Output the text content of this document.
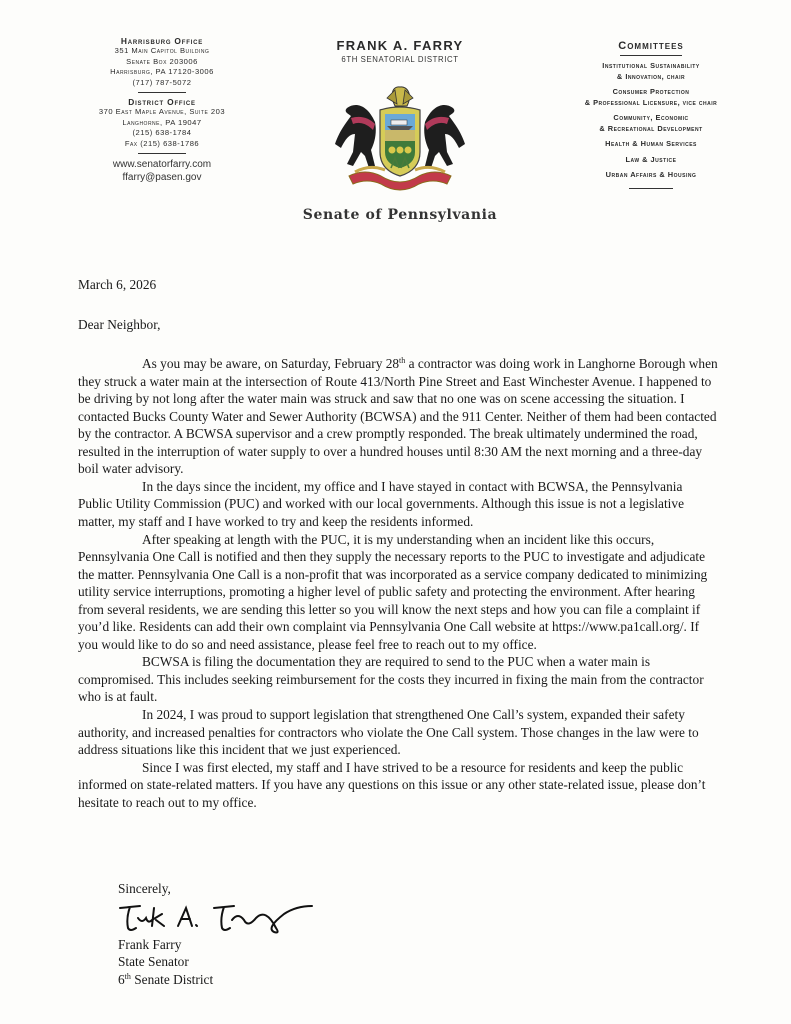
Harrisburg Office
351 Main Capitol Building
Senate Box 203006
Harrisburg, PA 17120-3006
(717) 787-5072
District Office
370 East Maple Avenue, Suite 203
Langhorne, PA 19047
(215) 638-1784
Fax (215) 638-1786
www.senatorfarry.com
ffarry@pasen.gov
FRANK A. FARRY
6TH SENATORIAL DISTRICT
Senate of Pennsylvania
Committees
Institutional Sustainability
& Innovation, chair
Consumer Protection
& Professional Licensure, vice chair
Community, Economic
& Recreational Development
Health & Human Services
Law & Justice
Urban Affairs & Housing

March 6, 2026

Dear Neighbor,

As you may be aware, on Saturday, February 28th a contractor was doing work in Langhorne Borough when they struck a water main at the intersection of Route 413/North Pine Street and East Winchester Avenue. I happened to be driving by not long after the water main was struck and saw that no one was on scene accessing the situation. I contacted Bucks County Water and Sewer Authority (BCWSA) and the 911 Center. Neither of them had been contacted by the contractor. A BCWSA supervisor and a crew promptly responded. The break ultimately undermined the road, resulted in the interruption of water supply to over a hundred houses until 8:30 AM the next morning and a three-day boil water advisory.

In the days since the incident, my office and I have stayed in contact with BCWSA, the Pennsylvania Public Utility Commission (PUC) and worked with our local governments. Although this issue is not a legislative matter, my staff and I have worked to try and keep the residents informed.

After speaking at length with the PUC, it is my understanding when an incident like this occurs, Pennsylvania One Call is notified and then they supply the necessary reports to the PUC to investigate and adjudicate the matter. Pennsylvania One Call is a non-profit that was incorporated as a service company dedicated to minimizing utility service interruptions, promoting a higher level of public safety and protecting the environment. After hearing from several residents, we are sending this letter so you will know the next steps and how you can file a complaint if you’d like. Residents can add their own complaint via Pennsylvania One Call website at https://www.pa1call.org/. If you would like to do so and need assistance, please feel free to reach out to my office.

BCWSA is filing the documentation they are required to send to the PUC when a water main is compromised. This includes seeking reimbursement for the costs they incurred in fixing the main from the contractor who is at fault.

In 2024, I was proud to support legislation that strengthened One Call’s system, expanded their safety authority, and increased penalties for contractors who violate the One Call system. Those changes in the law were to address situations like this incident that we just experienced.

Since I was first elected, my staff and I have strived to be a resource for residents and keep the public informed on state-related matters. If you have any questions on this issue or any other state-related issue, please don’t hesitate to reach out to my office.

Sincerely,
Frank Farry
State Senator
6th Senate District
